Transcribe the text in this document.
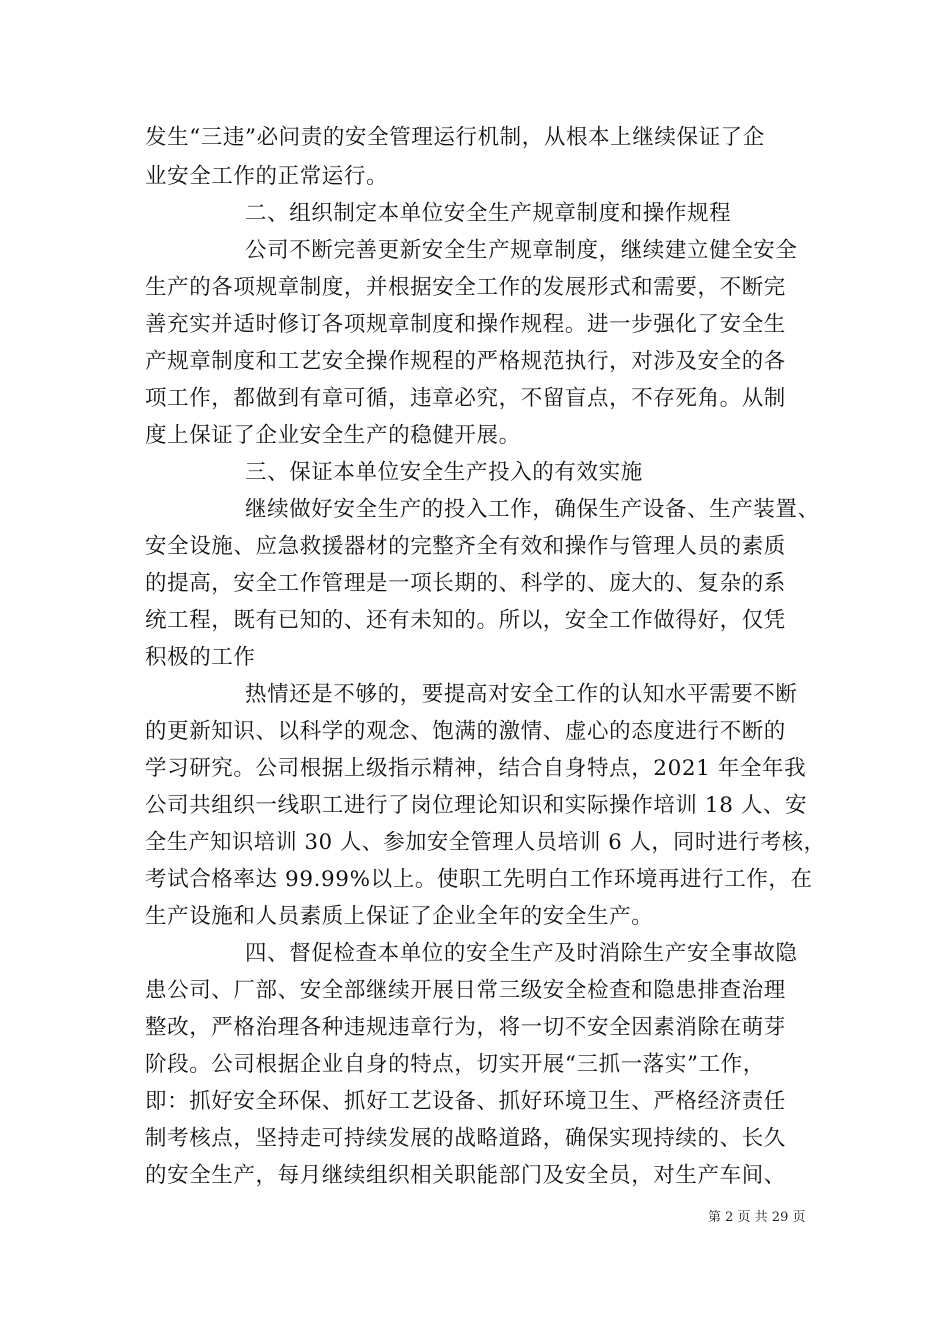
发生“三违”必问责的安全管理运行机制，从根本上继续保证了企
业安全工作的正常运行。
二、组织制定本单位安全生产规章制度和操作规程
公司不断完善更新安全生产规章制度，继续建立健全安全
生产的各项规章制度，并根据安全工作的发展形式和需要，不断完
善充实并适时修订各项规章制度和操作规程。进一步强化了安全生
产规章制度和工艺安全操作规程的严格规范执行，对涉及安全的各
项工作，都做到有章可循，违章必究，不留盲点，不存死角。从制
度上保证了企业安全生产的稳健开展。
三、保证本单位安全生产投入的有效实施
继续做好安全生产的投入工作，确保生产设备、生产装置、
安全设施、应急救援器材的完整齐全有效和操作与管理人员的素质
的提高，安全工作管理是一项长期的、科学的、庞大的、复杂的系
统工程，既有已知的、还有未知的。所以，安全工作做得好，仅凭
积极的工作
热情还是不够的，要提高对安全工作的认知水平需要不断
的更新知识、以科学的观念、饱满的激情、虚心的态度进行不断的
学习研究。公司根据上级指示精神，结合自身特点，2021 年全年我
公司共组织一线职工进行了岗位理论知识和实际操作培训 18 人、安
全生产知识培训 30 人、参加安全管理人员培训 6 人，同时进行考核，
考试合格率达 99.99%以上。使职工先明白工作环境再进行工作，在
生产设施和人员素质上保证了企业全年的安全生产。
四、督促检查本单位的安全生产及时消除生产安全事故隐
患公司、厂部、安全部继续开展日常三级安全检查和隐患排查治理
整改，严格治理各种违规违章行为，将一切不安全因素消除在萌芽
阶段。公司根据企业自身的特点，切实开展“三抓一落实”工作，
即：抓好安全环保、抓好工艺设备、抓好环境卫生、严格经济责任
制考核点，坚持走可持续发展的战略道路，确保实现持续的、长久
的安全生产，每月继续组织相关职能部门及安全员，对生产车间、
第 2 页 共 29 页
